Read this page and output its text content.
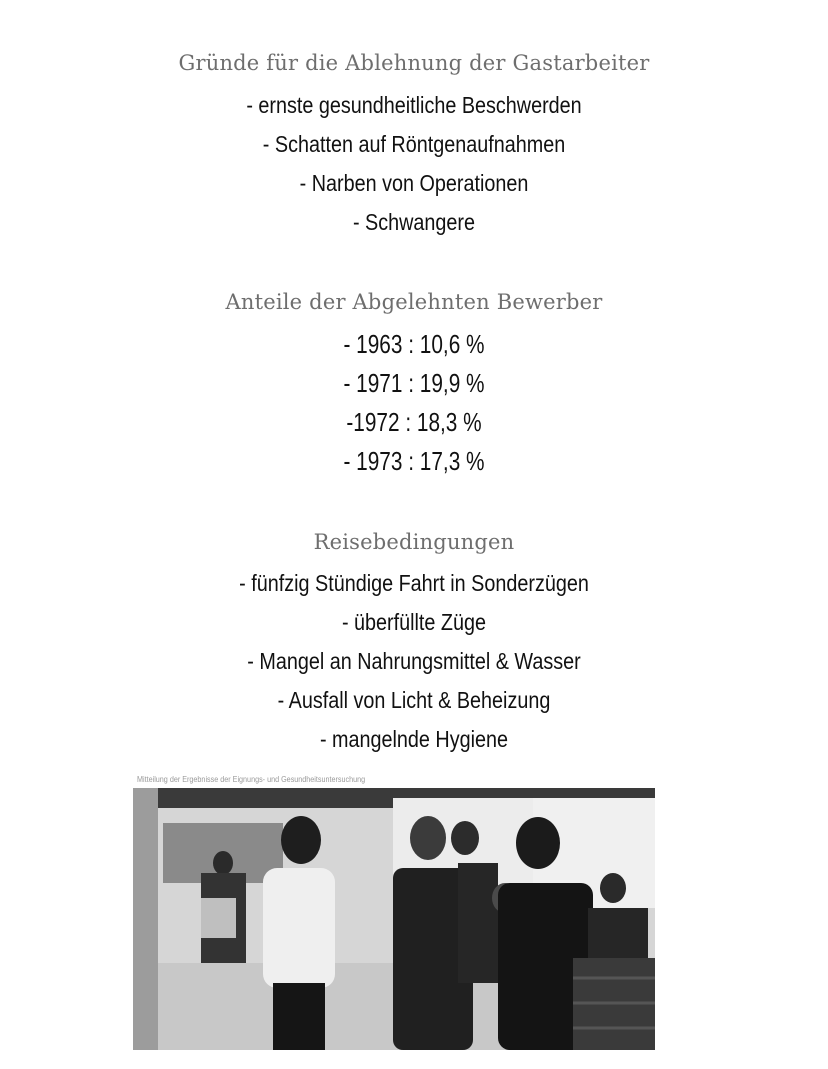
Gründe für die Ablehnung der Gastarbeiter
- ernste gesundheitliche Beschwerden
- Schatten auf Röntgenaufnahmen
- Narben von Operationen
- Schwangere
Anteile der Abgelehnten Bewerber
- 1963 : 10,6 %
- 1971 : 19,9 %
-1972 : 18,3 %
- 1973 : 17,3 %
Reisebedingungen
- fünfzig Stündige Fahrt in Sonderzügen
- überfüllte Züge
- Mangel an Nahrungsmittel & Wasser
- Ausfall von Licht & Beheizung
- mangelnde Hygiene
Mitteilung der Ergebnisse der Eignungs- und Gesundheitsuntersuchung
